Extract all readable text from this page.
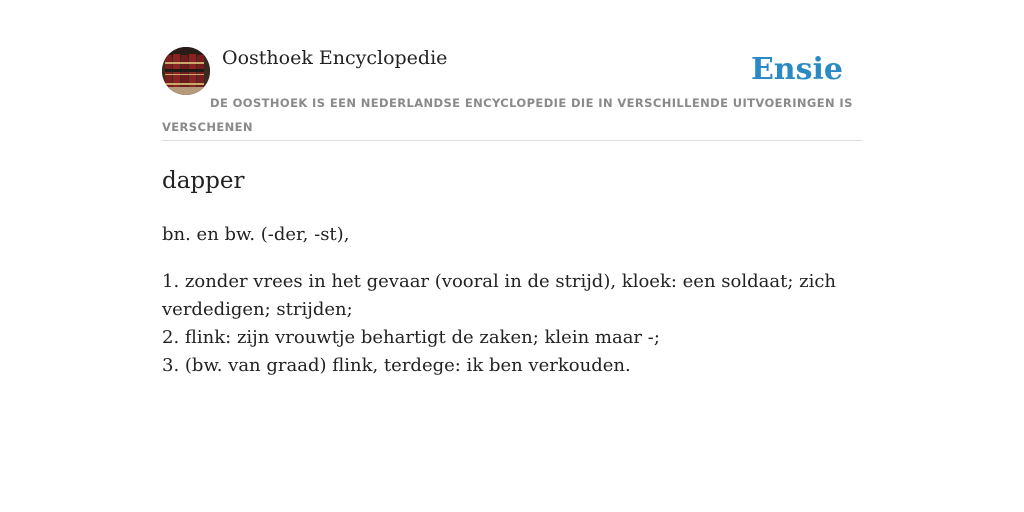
Oosthoek Encyclopedie	Ensie
DE OOSTHOEK IS EEN NEDERLANDSE ENCYCLOPEDIE DIE IN VERSCHILLENDE UITVOERINGEN IS VERSCHENEN
dapper

bn. en bw. (-der, -st),

1. zonder vrees in het gevaar (vooral in de strijd), kloek: een soldaat; zich verdedigen; strijden;
2. flink: zijn vrouwtje behartigt de zaken; klein maar -;
3. (bw. van graad) flink, terdege: ik ben verkouden.
